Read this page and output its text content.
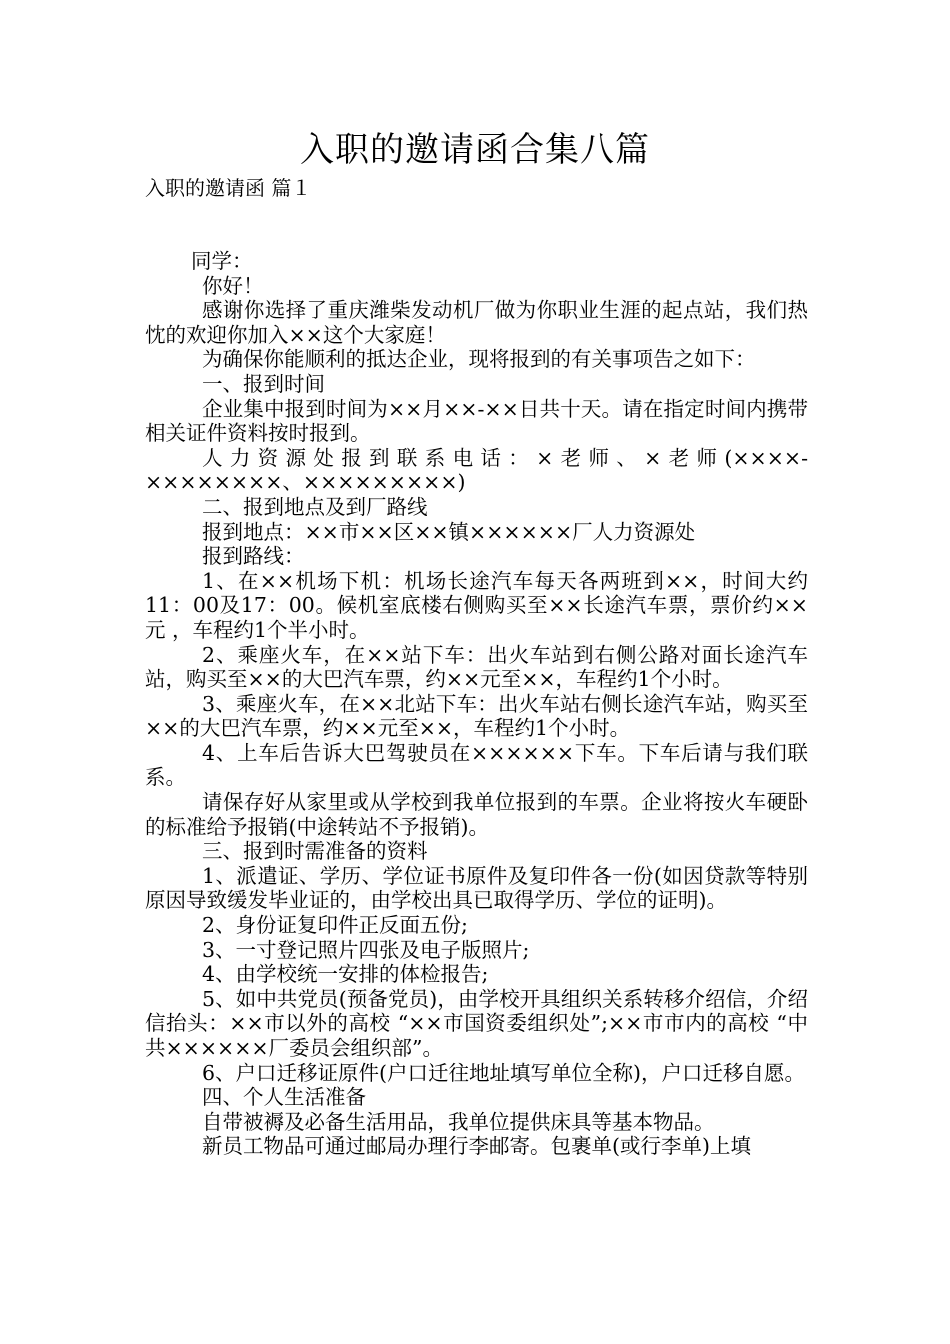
入职的邀请函合集八篇
入职的邀请函 篇１

同学：

你好！

感谢你选择了重庆潍柴发动机厂做为你职业生涯的起点站，我们热忱的欢迎你加入××这个大家庭！

为确保你能顺利的抵达企业，现将报到的有关事项告之如下：

一、报到时间

企业集中报到时间为××月××-××日共十天。请在指定时间内携带相关证件资料按时报到。

人力资源处报到联系电话：×老师、×老师(××××-××××××××、×××××××××)

二、报到地点及到厂路线

报到地点：××市××区××镇××××××厂人力资源处

报到路线：

1、在××机场下机：机场长途汽车每天各两班到××，时间大约11：00及17：00。候机室底楼右侧购买至××长途汽车票，票价约××元 ，车程约1个半小时。

2、乘座火车，在××站下车：出火车站到右侧公路对面长途汽车站，购买至××的大巴汽车票，约××元至××，车程约1个小时。

3、乘座火车，在××北站下车：出火车站右侧长途汽车站，购买至××的大巴汽车票，约××元至××，车程约1个小时。

4、上车后告诉大巴驾驶员在××××××下车。下车后请与我们联系。

请保存好从家里或从学校到我单位报到的车票。企业将按火车硬卧的标准给予报销(中途转站不予报销)。

三、报到时需准备的资料

1、派遣证、学历、学位证书原件及复印件各一份(如因贷款等特别原因导致缓发毕业证的，由学校出具已取得学历、学位的证明)。

2、身份证复印件正反面五份;

3、一寸登记照片四张及电子版照片;

4、由学校统一安排的体检报告;

5、如中共党员(预备党员)，由学校开具组织关系转移介绍信，介绍信抬头：××市以外的高校 “××市国资委组织处”;××市市内的高校 “中共××××××厂委员会组织部”。

6、户口迁移证原件(户口迁往地址填写单位全称)，户口迁移自愿。

四、个人生活准备

自带被褥及必备生活用品，我单位提供床具等基本物品。

新员工物品可通过邮局办理行李邮寄。包裹单(或行李单)上填
